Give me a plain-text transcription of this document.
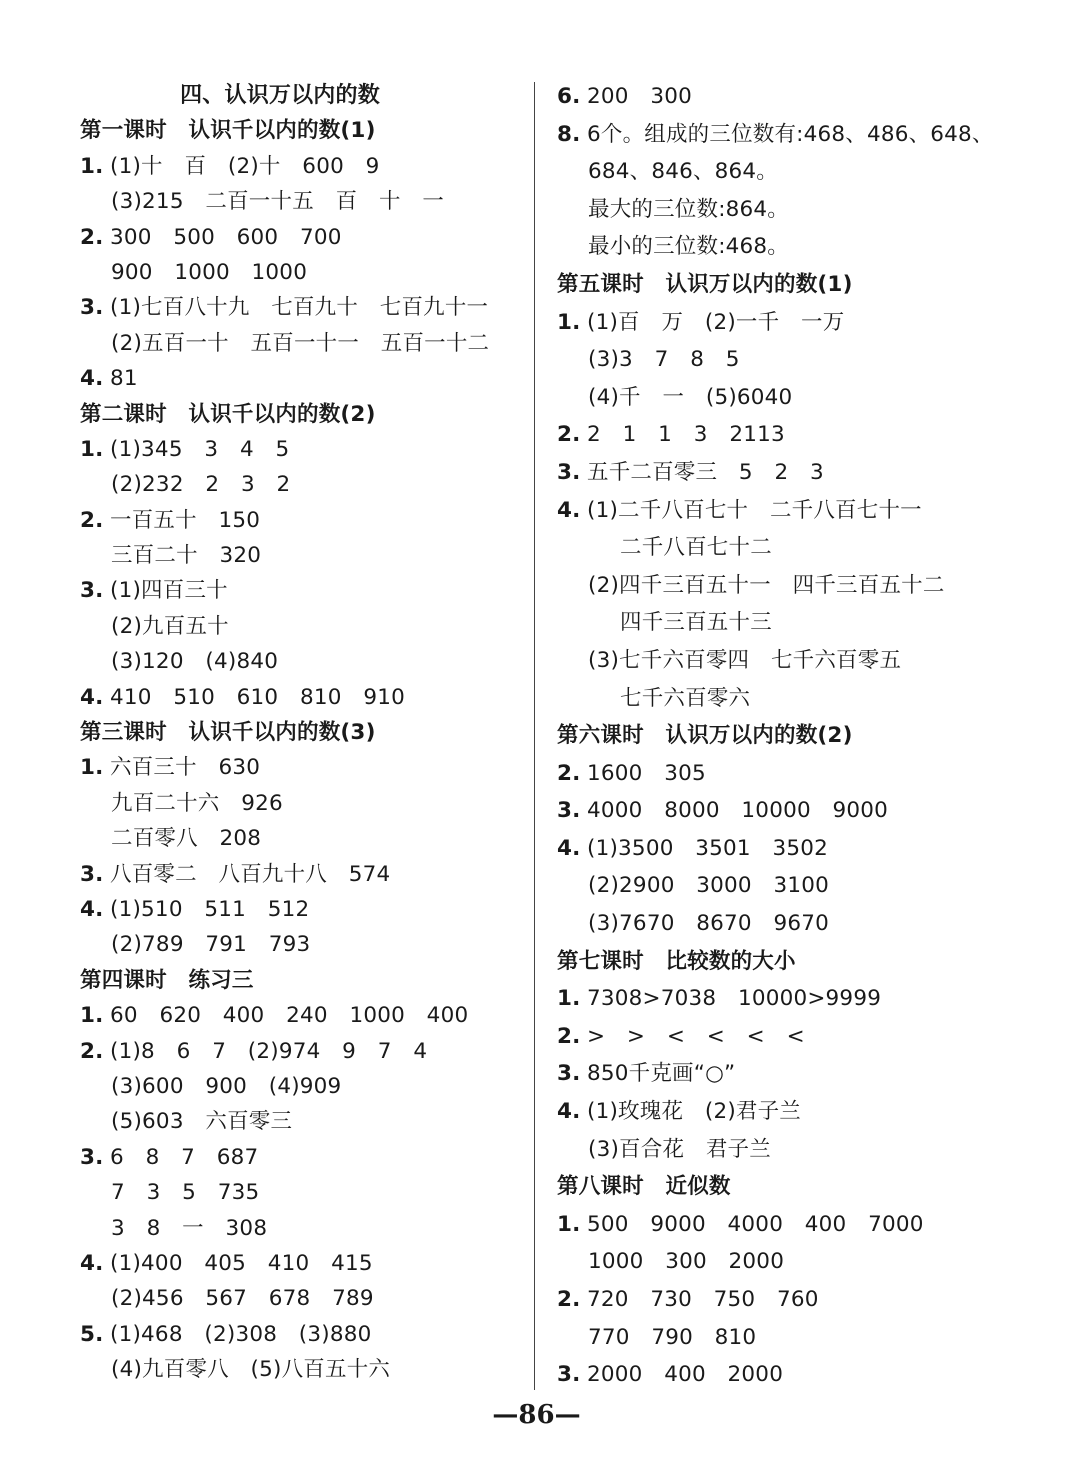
四、认识万以内的数
第一课时　认识千以内的数(1)
1. (1)十　百　(2)十　600　9
(3)215　二百一十五　百　十　一
2. 300　500　600　700
900　1000　1000
3. (1)七百八十九　七百九十　七百九十一
(2)五百一十　五百一十一　五百一十二
4. 81
第二课时　认识千以内的数(2)
1. (1)345　3　4　5
(2)232　2　3　2
2. 一百五十　150
三百二十　320
3. (1)四百三十
(2)九百五十
(3)120　(4)840
4. 410　510　610　810　910
第三课时　认识千以内的数(3)
1. 六百三十　630
九百二十六　926
二百零八　208
3. 八百零二　八百九十八　574
4. (1)510　511　512
(2)789　791　793
第四课时　练习三
1. 60　620　400　240　1000　400
2. (1)8　6　7　(2)974　9　7　4
(3)600　900　(4)909
(5)603　六百零三
3. 6　8　7　687
7　3　5　735
3　8　一　308
4. (1)400　405　410　415
(2)456　567　678　789
5. (1)468　(2)308　(3)880
(4)九百零八　(5)八百五十六
6. 200　300
8. 6个。组成的三位数有:468、486、648、
684、846、864。
最大的三位数:864。
最小的三位数:468。
第五课时　认识万以内的数(1)
1. (1)百　万　(2)一千　一万
(3)3　7　8　5
(4)千　一　(5)6040
2. 2　1　1　3　2113
3. 五千二百零三　5　2　3
4. (1)二千八百七十　二千八百七十一
二千八百七十二
(2)四千三百五十一　四千三百五十二
四千三百五十三
(3)七千六百零四　七千六百零五
七千六百零六
第六课时　认识万以内的数(2)
2. 1600　305
3. 4000　8000　10000　9000
4. (1)3500　3501　3502
(2)2900　3000　3100
(3)7670　8670　9670
第七课时　比较数的大小
1. 7308>7038　10000>9999
2. >　>　<　<　<　<
3. 850千克画“○”
4. (1)玫瑰花　(2)君子兰
(3)百合花　君子兰
第八课时　近似数
1. 500　9000　4000　400　7000
1000　300　2000
2. 720　730　750　760
770　790　810
3. 2000　400　2000
—86—
